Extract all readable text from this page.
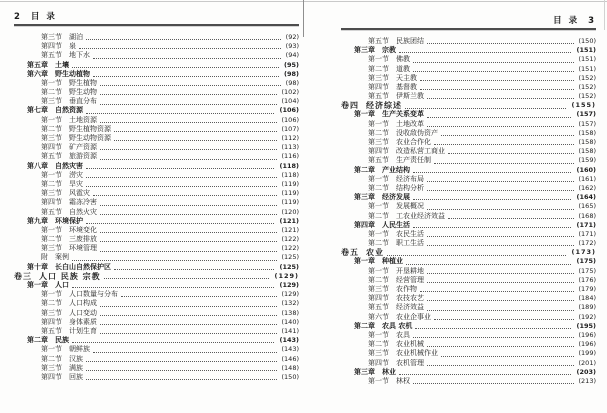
2 目 录
第三节 湖泊	(92)
第四节 泉	(93)
第五节 地下水	(94)
第五章 土壤	(95)
第六章 野生动植物	(98)
第一节 野生植物	(98)
第二节 野生动物	(102)
第三节 垂直分布	(104)
第七章 自然资源	(106)
第一节 土地资源	(106)
第二节 野生植物资源	(107)
第三节 野生动物资源	(112)
第四节 矿产资源	(113)
第五节 旅游资源	(116)
第八章 自然灾害	(118)
第一节 涝灾	(118)
第二节 旱灾	(119)
第三节 风雹灾	(119)
第四节 霜冻冷害	(119)
第五节 自然火灾	(120)
第九章 环境保护	(121)
第一节 环境变化	(121)
第二节 三废排放	(122)
第三节 环境管理	(122)
附 案例	(125)
第十章 长白山自然保护区	(125)
卷三 人口 民族 宗教	(129)
第一章 人口	(129)
第一节 人口数量与分布	(129)
第二节 人口构成	(132)
第三节 人口变动	(138)
第四节 身体素质	(140)
第五节 计划生育	(141)
第二章 民族	(143)
第一节 朝鲜族	(143)
第二节 汉族	(146)
第三节 满族	(148)
第四节 回族	(150)
目 录 3
第五节 民族团结	(150)
第三章 宗教	(151)
第一节 佛教	(151)
第二节 道教	(151)
第三节 天主教	(152)
第四节 基督教	(152)
第五节 伊斯兰教	(152)
卷四 经济综述	(155)
第一章 生产关系变革	(157)
第一节 土地改革	(157)
第二节 没收敌伪资产	(158)
第三节 农业合作化	(158)
第四节 改造私营工商业	(158)
第五节 生产责任制	(159)
第二章 产业结构	(160)
第一节 经济布局	(161)
第二节 结构分析	(162)
第三章 经济发展	(164)
第一节 发展概况	(165)
第二节 工农业经济效益	(168)
第四章 人民生活	(171)
第一节 农民生活	(171)
第二节 职工生活	(172)
卷五 农业	(173)
第一章 种植业	(175)
第一节 开垦耕地	(175)
第二节 经营管理	(176)
第三节 农作物	(179)
第四节 农技农艺	(184)
第五节 经济效益	(189)
第六节 农业企事业	(192)
第二章 农具 农机	(195)
第一节 农具	(196)
第二节 农业机械	(196)
第三节 农业机械作业	(199)
第四节 农机管理	(201)
第三章 林业	(203)
第一节 林权	(213)
